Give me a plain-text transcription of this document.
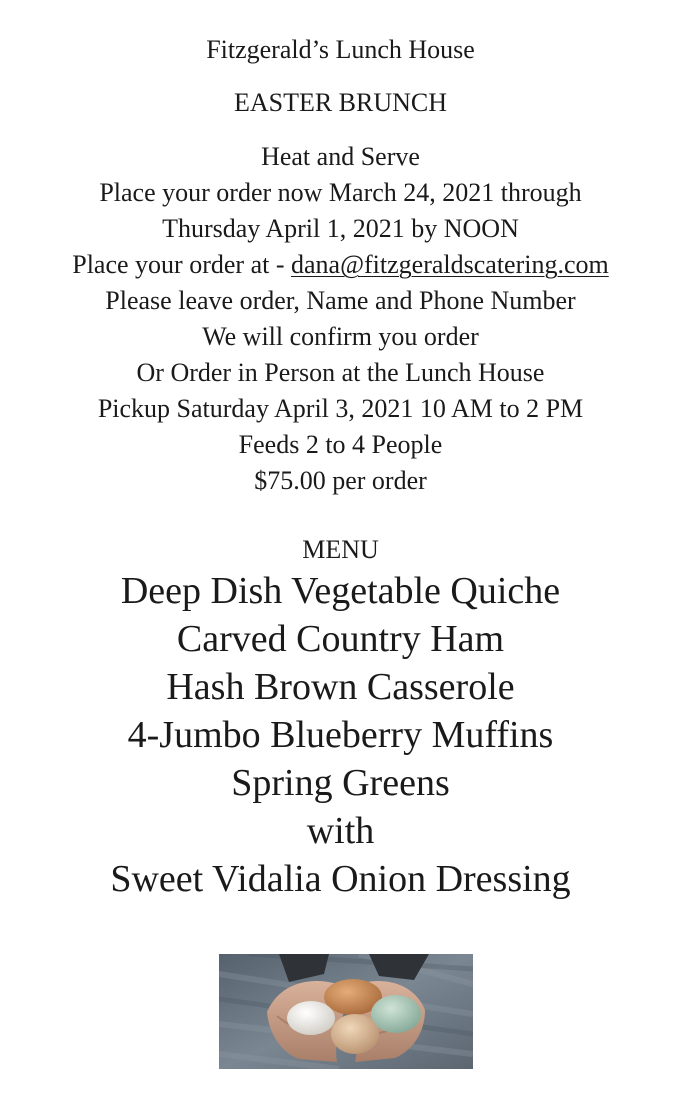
Fitzgerald’s Lunch House
EASTER BRUNCH
Heat and Serve
Place your order now March 24, 2021 through
Thursday April 1, 2021 by NOON
Place your order at - dana@fitzgeraldscatering.com
Please leave order, Name and Phone Number
We will confirm you order
Or Order in Person at the Lunch House
Pickup Saturday April 3, 2021 10 AM to 2 PM
Feeds 2 to 4 People
$75.00 per order
MENU
Deep Dish Vegetable Quiche
Carved Country Ham
Hash Brown Casserole
4-Jumbo Blueberry Muffins
Spring Greens
with
Sweet Vidalia Onion Dressing
